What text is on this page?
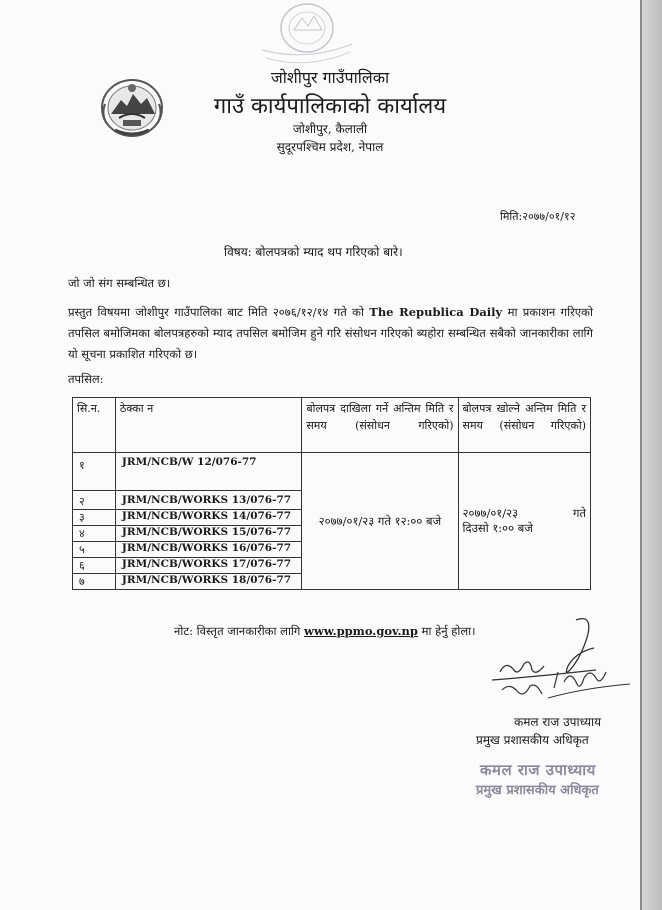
जोशीपुर गाउँपालिका
गाउँ कार्यपालिकाको कार्यालय
जोशीपुर, कैलाली
सुदूरपश्चिम प्रदेश, नेपाल
मिति:२०७७/०१/१२
विषय: बोलपत्रको म्याद थप गरिएको बारे।
जो जो संग सम्बन्धित छ।
प्रस्तुत विषयमा जोशीपुर गाउँपालिका बाट मिति २०७६/१२/१४ गते को The Republica Daily मा प्रकाशन गरिएको तपसिल बमोजिमका बोलपत्रहरुको म्याद तपसिल बमोजिम हुने गरि संसोधन गरिएको ब्यहोरा सम्बन्धित सबैको जानकारीका लागि यो सूचना प्रकाशित गरिएको छ।
तपसिल:
सि.न.	ठेक्का न	बोलपत्र दाखिला गर्ने अन्तिम मिति र समय (संसोधन गरिएको)	बोलपत्र खोल्ने अन्तिम मिति र समय (संसोधन गरिएको)
१	JRM/NCB/W 12/076-77	२०७७/०१/२३ गते १२:०० बजे	२०७७/०१/२३ गते
दिउसो १:०० बजे

२	JRM/NCB/WORKS 13/076-77		
३	JRM/NCB/WORKS 14/076-77		
४	JRM/NCB/WORKS 15/076-77		
५	JRM/NCB/WORKS 16/076-77		
६	JRM/NCB/WORKS 17/076-77		
७	JRM/NCB/WORKS 18/076-77		
नोट: विस्तृत जानकारीका लागि www.ppmo.gov.np मा हेर्नु होला।
कमल राज उपाध्याय
प्रमुख प्रशासकीय अधिकृत
कमल राज उपाध्याय
प्रमुख प्रशासकीय अधिकृत
